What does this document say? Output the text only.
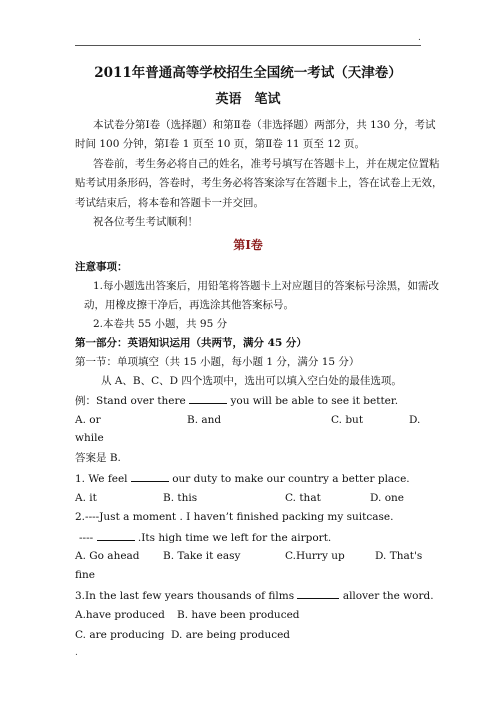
.
2011年普通高等学校招生全国统一考试（天津卷）
英语　笔试
本试卷分第Ⅰ卷（选择题）和第Ⅱ卷（非选择题）两部分，共 130 分，考试
时间 100 分钟，第Ⅰ卷 1 页至 10 页，第Ⅱ卷 11 页至 12 页。
答卷前，考生务必将自己的姓名，准考号填写在答题卡上，并在规定位置粘
贴考试用条形码，答卷时，考生务必将答案涂写在答题卡上，答在试卷上无效，
考试结束后，将本卷和答题卡一并交回。
祝各位考生考试顺利！
第Ⅰ卷
注意事项：
1.每小题选出答案后，用铅笔将答题卡上对应题目的答案标号涂黑，如需改
动，用橡皮擦干净后，再选涂其他答案标号。
2.本卷共 55 小题，共 95 分
第一部分：英语知识运用（共两节，满分 45 分）
第一节：单项填空（共 15 小题，每小题 1 分，满分 15 分）
从 A、B、C、D 四个选项中，选出可以填入空白处的最佳选项。
例：Stand over there	you will be able to see it better.
A. or	B. and	C. but	D.
while
答案是 B.
1. We feel	our duty to make our country a better place.
A. it	B. this	C. that	D. one
2.----Just a moment . I haven’t finished packing my suitcase.
----	.Its high time we left for the airport.
A. Go ahead B. Take it easy	C.Hurry up	D. That's
fine
3.In the last few years thousands of films	allover the word.
A.have produced B. have been produced
C. are producing D. are being produced
.
